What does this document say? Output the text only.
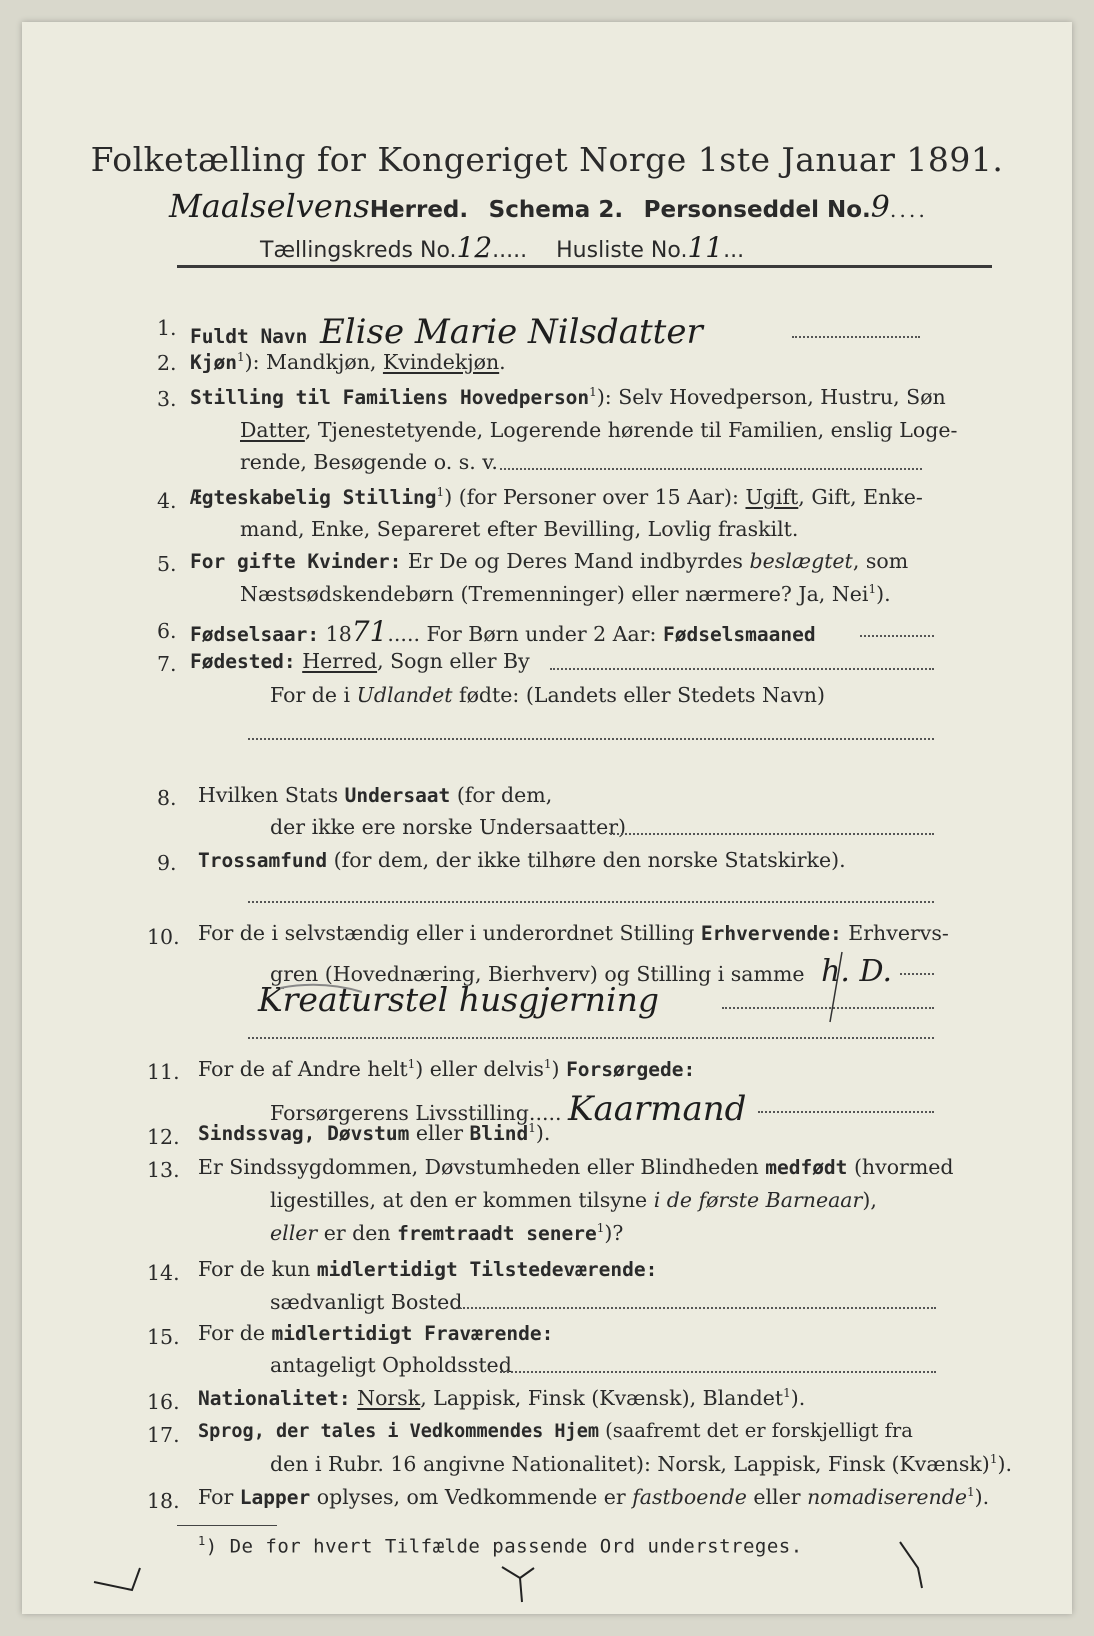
Folketælling for Kongeriget Norge 1ste Januar 1891.
MaalselvensHerred. Schema 2. Personseddel No.9....
Tællingskreds No.12..... Husliste No.11...
1. Fuldt Navn Elise Marie Nilsdatter
2. Kjøn$^1$): Mandkjøn, Kvindekjøn.
3. Stilling til Familiens Hovedperson$^1$): Selv Hovedperson, Hustru, Søn
Datter, Tjenestetyende, Logerende hørende til Familien, enslig Loge-
rende, Besøgende o. s. v.
4. Ægteskabelig Stilling$^1$) (for Personer over 15 Aar): Ugift, Gift, Enke-
mand, Enke, Separeret efter Bevilling, Lovlig fraskilt.
5. For gifte Kvinder: Er De og Deres Mand indbyrdes beslægtet, som
Næstsødskendebørn (Tremenninger) eller nærmere? Ja, Nei$^1$).
6. Fødselsaar: 1871..... For Børn under 2 Aar: Fødselsmaaned
7. Fødested: Herred, Sogn eller By
For de i Udlandet fødte: (Landets eller Stedets Navn)
8. Hvilken Stats Undersaat (for dem,
der ikke ere norske Undersaatter)
9. Trossamfund (for dem, der ikke tilhøre den norske Statskirke).
10. For de i selvstændig eller i underordnet Stilling Erhvervende: Erhvervs-
gren (Hovednæring, Bierhverv) og Stilling i samme h. D.
Kreaturstel husgjerning
11. For de af Andre helt$^1$) eller delvis$^1$) Forsørgede:
Forsørgerens Livsstilling..... Kaarmand
12. Sindssvag, Døvstum eller Blind$^1$).
13. Er Sindssygdommen, Døvstumheden eller Blindheden medfødt (hvormed
ligestilles, at den er kommen tilsyne i de første Barneaar),
eller er den fremtraadt senere$^1$)?
14. For de kun midlertidigt Tilstedeværende:
sædvanligt Bosted
15. For de midlertidigt Fraværende:
antageligt Opholdssted
16. Nationalitet: Norsk, Lappisk, Finsk (Kvænsk), Blandet$^1$).
17. Sprog, der tales i Vedkommendes Hjem (saafremt det er forskjelligt fra
den i Rubr. 16 angivne Nationalitet): Norsk, Lappisk, Finsk (Kvænsk)$^1$).
18. For Lapper oplyses, om Vedkommende er fastboende eller nomadiserende$^1$).
$^1$) De for hvert Tilfælde passende Ord understreges.
